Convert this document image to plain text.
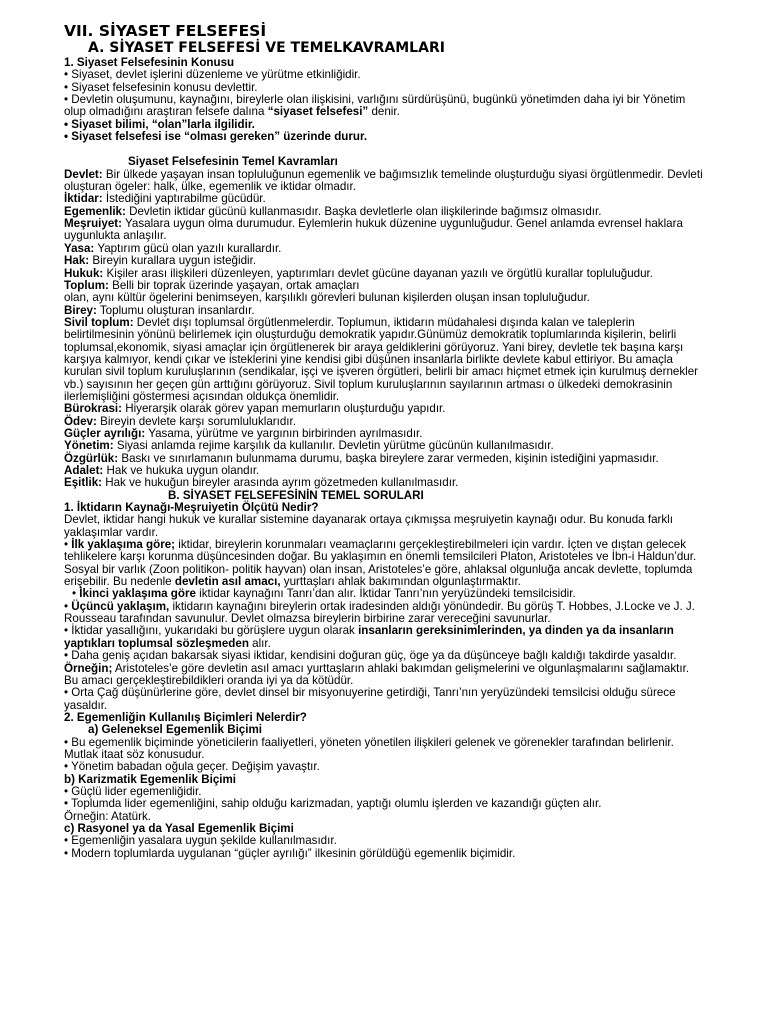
VII. SİYASET FELSEFESİ
A. SİYASET FELSEFESİ VE TEMELKAVRAMLARI

1. Siyaset Felsefesinin Konusu

• Siyaset, devlet işlerini düzenleme ve yürütme etkinliğidir.

• Siyaset felsefesinin konusu devlettir.

• Devletin oluşumunu, kaynağını, bireylerle olan ilişkisini, varlığını sürdürüşünü, bugünkü yönetimden daha iyi bir Yönetim olup olmadığını araştıran felsefe dalına “siyaset felsefesi” denir.

• Siyaset bilimi, “olan”larla ilgilidir.

• Siyaset felsefesi ise “olması gereken” üzerinde durur.

Siyaset Felsefesinin Temel Kavramları

Devlet: Bir ülkede yaşayan insan topluluğunun egemenlik ve bağımsızlık temelinde oluşturduğu siyasi örgütlenmedir. Devleti oluşturan ögeler: halk, ülke, egemenlik ve iktidar olmadır.

İktidar: İstediğini yaptırabilme gücüdür.

Egemenlik: Devletin iktidar gücünü kullanmasıdır. Başka devletlerle olan ilişkilerinde bağımsız olmasıdır.

Meşruiyet: Yasalara uygun olma durumudur. Eylemlerin hukuk düzenine uygunluğudur. Genel anlamda evrensel haklara uygunlukta anlaşılır.

Yasa: Yaptırım gücü olan yazılı kurallardır.

Hak: Bireyin kurallara uygun isteğidir.

Hukuk: Kişiler arası ilişkileri düzenleyen, yaptırımları devlet gücüne dayanan yazılı ve örgütlü kurallar topluluğudur.

Toplum: Belli bir toprak üzerinde yaşayan, ortak amaçları

olan, aynı kültür ögelerini benimseyen, karşılıklı görevleri bulunan kişilerden oluşan insan topluluğudur.

Birey: Toplumu oluşturan insanlardır.

Sivil toplum: Devlet dışı toplumsal örgütlenmelerdir. Toplumun, iktidarın müdahalesi dışında kalan ve taleplerin belirtilmesinin yönünü belirlemek için oluşturduğu demokratik yapıdır.Günümüz demokratik toplumlarında kişilerin, belirli toplumsal,ekonomik, siyasi amaçlar için örgütlenerek bir araya geldiklerini görüyoruz. Yani birey, devletle tek başına karşı karşıya kalmıyor, kendi çıkar ve isteklerini yine kendisi gibi düşünen insanlarla birlikte devlete kabul ettiriyor. Bu amaçla kurulan sivil toplum kuruluşlarının (sendikalar, işçi ve işveren örgütleri, belirli bir amacı hiçmet etmek için kurulmuş dernekler vb.) sayısının her geçen gün arttığını görüyoruz. Sivil toplum kuruluşlarının sayılarının artması o ülkedeki demokrasinin ilerlemişliğini göstermesi açısından oldukça önemlidir.

Bürokrasi: Hiyerarşik olarak görev yapan memurların oluşturduğu yapıdır.

Ödev: Bireyin devlete karşı sorumluluklarıdır.

Güçler ayrılığı: Yasama, yürütme ve yargının birbirinden ayrılmasıdır.

Yönetim: Siyasi anlamda rejime karşılık da kullanılır. Devletin yürütme gücünün kullanılmasıdır.

Özgürlük: Baskı ve sınırlamanın bulunmama durumu, başka bireylere zarar vermeden, kişinin istediğini yapmasıdır.

Adalet: Hak ve hukuka uygun olandır.

Eşitlik: Hak ve hukuğun bireyler arasında ayrım gözetmeden kullanılmasıdır.

B. SİYASET FELSEFESİNİN TEMEL SORULARI

1. İktidarın Kaynağı-Meşruiyetin Ölçütü Nedir?

Devlet, iktidar hangi hukuk ve kurallar sistemine dayanarak ortaya çıkmışsa meşruiyetin kaynağı odur. Bu konuda farklı yaklaşımlar vardır.

• İlk yaklaşıma göre; iktidar, bireylerin korunmaları veamaçlarını gerçekleştirebilmeleri için vardır. İçten ve dıştan gelecek tehlikelere karşı korunma düşüncesinden doğar. Bu yaklaşımın en önemli temsilcileri Platon, Aristoteles ve İbn-i Haldun’dur. Sosyal bir varlık (Zoon politikon- politik hayvan) olan insan, Aristoteles’e göre, ahlaksal olgunluğa ancak devlette, toplumda erişebilir. Bu nedenle devletin asıl amacı, yurttaşları ahlak bakımından olgunlaştırmaktır.

• İkinci yaklaşıma göre iktidar kaynağını Tanrı’dan alır. İktidar Tanrı’nın yeryüzündeki temsilcisidir.

• Üçüncü yaklaşım, iktidarın kaynağını bireylerin ortak iradesinden aldığı yönündedir. Bu görüş T. Hobbes, J.Locke ve J. J. Rousseau tarafından savunulur. Devlet olmazsa bireylerin birbirine zarar vereceğini savunurlar.

• İktidar yasallığını, yukarıdaki bu görüşlere uygun olarak insanların gereksinimlerinden, ya dinden ya da insanların yaptıkları toplumsal sözleşmeden alır.

• Daha geniş açıdan bakarsak siyasi iktidar, kendisini doğuran güç, öge ya da düşünceye bağlı kaldığı takdirde yasaldır. Örneğin; Aristoteles’e göre devletin asıl amacı yurttaşların ahlaki bakımdan gelişmelerini ve olgunlaşmalarını sağlamaktır. Bu amacı gerçekleştirebildikleri oranda iyi ya da kötüdür.

• Orta Çağ düşünürlerine göre, devlet dinsel bir misyonuyerine getirdiği, Tanrı’nın yeryüzündeki temsilcisi olduğu sürece yasaldır.

2. Egemenliğin Kullanılış Biçimleri Nelerdir?

a) Geleneksel Egemenlik Biçimi

• Bu egemenlik biçiminde yöneticilerin faaliyetleri, yöneten yönetilen ilişkileri gelenek ve görenekler tarafından belirlenir. Mutlak itaat söz konusudur.

• Yönetim babadan oğula geçer. Değişim yavaştır.

b) Karizmatik Egemenlik Biçimi

• Güçlü lider egemenliğidir.

• Toplumda lider egemenliğini, sahip olduğu karizmadan, yaptığı olumlu işlerden ve kazandığı güçten alır.

Örneğin: Atatürk.

c) Rasyonel ya da Yasal Egemenlik Biçimi

• Egemenliğin yasalara uygun şekilde kullanılmasıdır.

• Modern toplumlarda uygulanan “güçler ayrılığı” ilkesinin görüldüğü egemenlik biçimidir.
